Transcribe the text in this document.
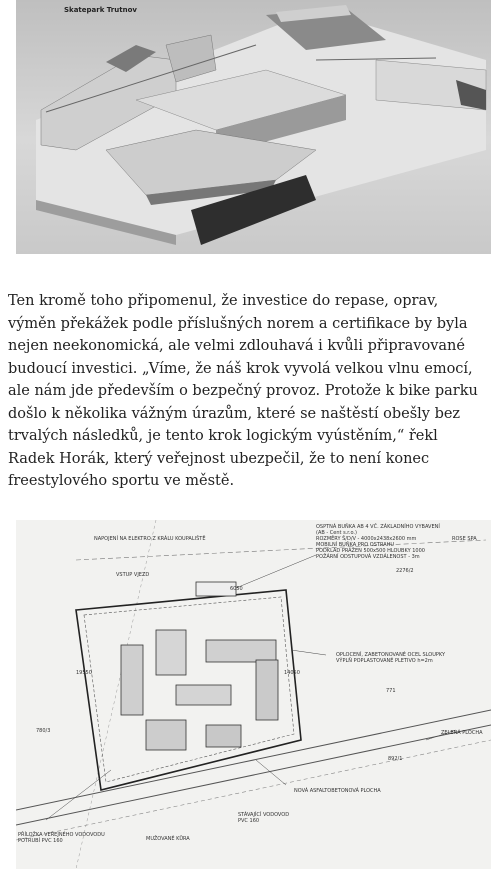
Skatepark Trutnov

Ten kromě toho připomenul, že investice do repase, oprav, výměn překážek podle příslušných norem a certifikace by byla nejen neekonomická, ale velmi zdlouhavá i kvůli připravované budoucí investici. „Víme, že náš krok vyvolá velkou vlnu emocí, ale nám jde především o bezpečný provoz. Protože k bike parku došlo k několika vážným úrazům, které se naštěstí obešly bez trvalých následků, je tento krok logickým vyústěním,“ řekl Radek Horák, který veřejnost ubezpečil, že to není konec freestylového sportu ve městě.

OSPTNÁ BUŇKA AB 4 VČ. ZÁKLADNÍHO VYBAVENÍ
(AB - Cent s.r.o.)
ROZMĚRY Š/D/V - 4000x2438x2600 mm
MOBILNÍ BUŇKA PRO OSTRAHU
PODKLAD PRÁŽEN 500x500 HLOUBKY 1000
POŽÁRNÍ ODSTUPOVÁ VZDÁLENOST - 3m
NAPOJENÍ NA ELEKTRO Z KRÁLU KOUPALIŠTĚ
VSTUP VJEZD
OPLOCENÍ, ZABETONOVANÉ OCEL SLOUPKY
VÝPLŇ POPLASTOVANÉ PLETIVO h=2m
ZELENÁ PLOCHA
NOVÁ ASFALTOBETONOVÁ PLOCHA
STÁVAJÍCÍ VODOVOD
PVC 160
PŘÍLOŽKA VEŘEJNÉHO VODOVODU
POTRUBÍ PVC 160	MUŽOVANÉ KŮRA
ROSE SPA
2276/2
771
780/3
892/1
6050
19550	14050
